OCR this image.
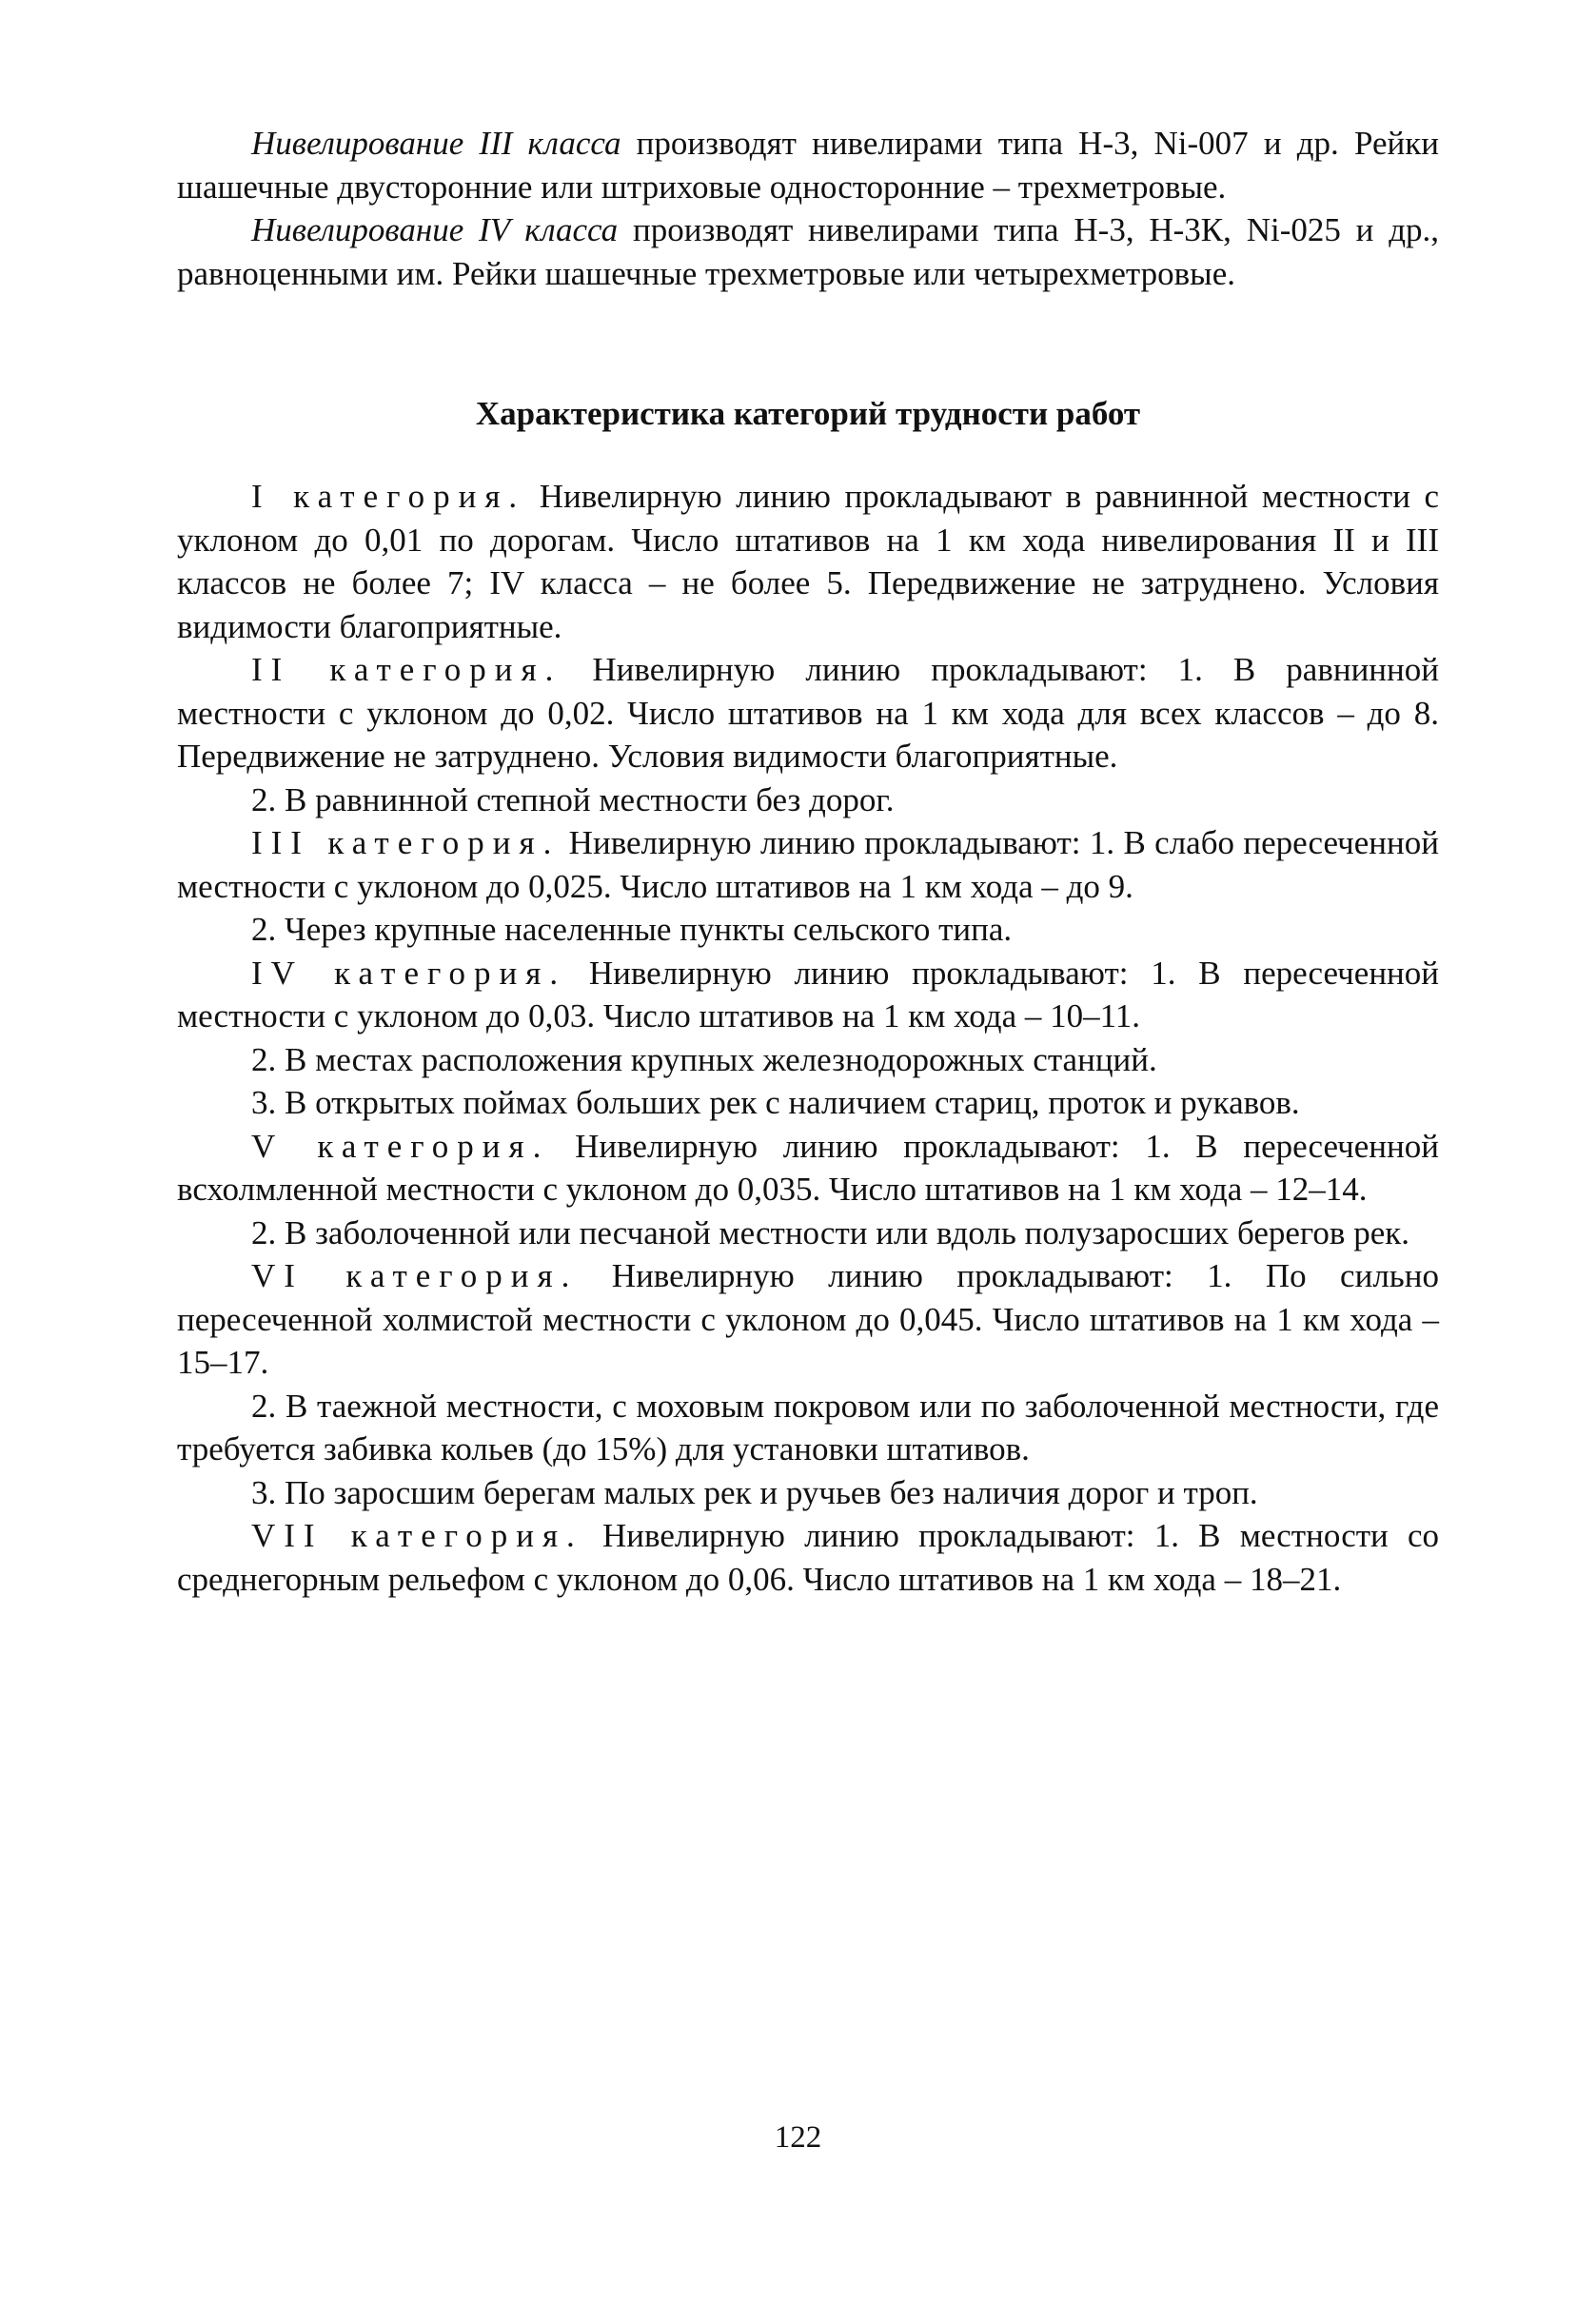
Нивелирование III класса производят нивелирами типа Н-3, Ni-007 и др. Рейки шашечные двусторонние или штриховые односторонние – трехметровые.

Нивелирование IV класса производят нивелирами типа Н-3, Н-3К, Ni-025 и др., равноценными им. Рейки шашечные трехметровые или четырехметровые.

Характеристика категорий трудности работ

I категория. Нивелирную линию прокладывают в равнинной местности с уклоном до 0,01 по дорогам. Число штативов на 1 км хода нивелирования II и III классов не более 7; IV класса – не более 5. Передвижение не затруднено. Условия видимости благоприятные.

II категория. Нивелирную линию прокладывают: 1. В равнинной местности с уклоном до 0,02. Число штативов на 1 км хода для всех классов – до 8. Передвижение не затруднено. Условия видимости благоприятные.

2. В равнинной степной местности без дорог.

III категория. Нивелирную линию прокладывают: 1. В слабо пересеченной местности с уклоном до 0,025. Число штативов на 1 км хода – до 9.

2. Через крупные населенные пункты сельского типа.

IV категория. Нивелирную линию прокладывают: 1. В пересеченной местности с уклоном до 0,03. Число штативов на 1 км хода – 10–11.

2. В местах расположения крупных железнодорожных станций.

3. В открытых поймах больших рек с наличием стариц, проток и рукавов.

V категория. Нивелирную линию прокладывают: 1. В пересеченной всхолмленной местности с уклоном до 0,035. Число штативов на 1 км хода – 12–14.

2. В заболоченной или песчаной местности или вдоль полузаросших берегов рек.

VI категория. Нивелирную линию прокладывают: 1. По сильно пересеченной холмистой местности с уклоном до 0,045. Число штативов на 1 км хода – 15–17.

2. В таежной местности, с моховым покровом или по заболоченной местности, где требуется забивка кольев (до 15%) для установки штативов.

3. По заросшим берегам малых рек и ручьев без наличия дорог и троп.

VII категория. Нивелирную линию прокладывают: 1. В местности со среднегорным рельефом с уклоном до 0,06. Число штативов на 1 км хода – 18–21.

122
